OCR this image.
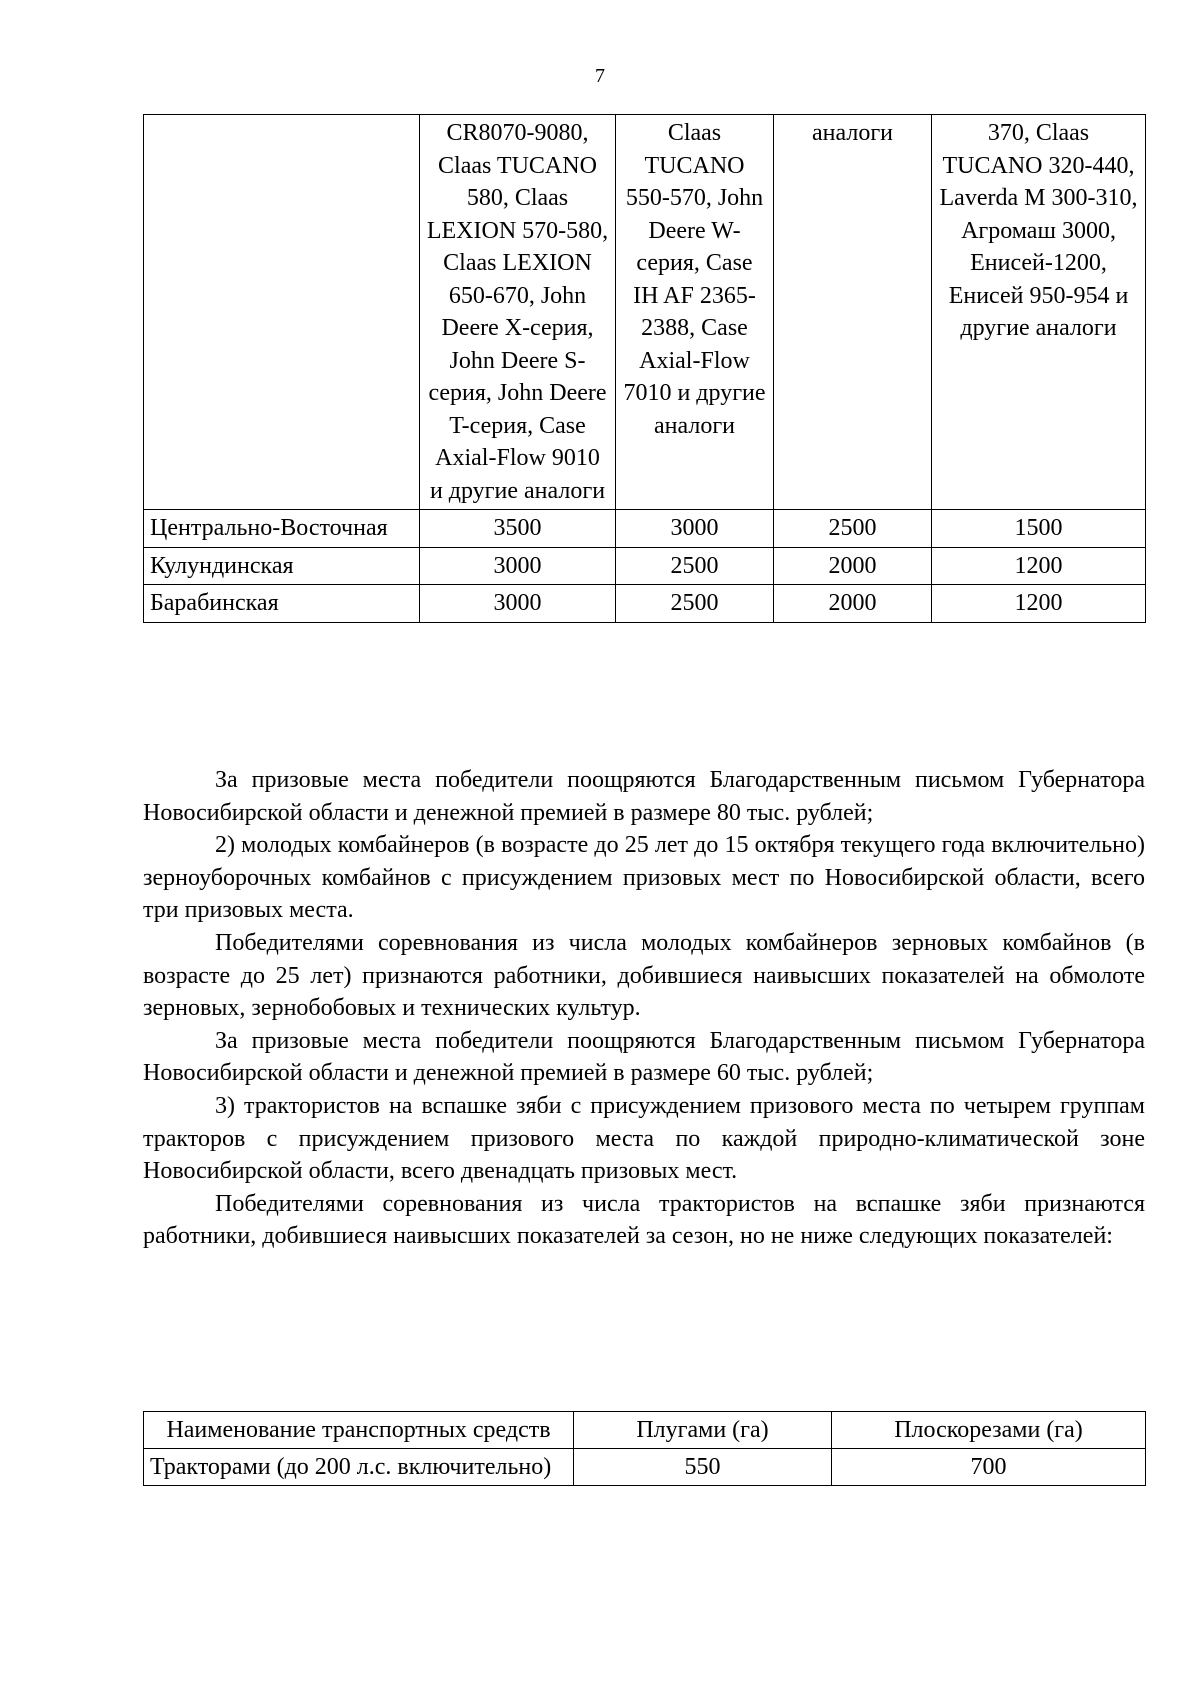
7
	CR8070-9080, Claas TUCANO 580, Claas LEXION 570-580, Claas LEXION 650-670, John Deere X-серия, John Deere S-серия, John Deere T-серия, Case Axial-Flow 9010 и другие аналоги	Claas TUCANO 550-570, John Deere W-серия, Case IH AF 2365-2388, Case Axial-Flow 7010 и другие аналоги	аналоги	370, Claas TUCANO 320-440, Laverda M 300-310, Агромаш 3000, Енисей-1200, Енисей 950-954 и другие аналоги
Центрально-Восточная	3500	3000	2500	1500
Кулундинская	3000	2500	2000	1200
Барабинская	3000	2500	2000	1200

За призовые места победители поощряются Благодарственным письмом Губернатора Новосибирской области и денежной премией в размере 80 тыс. рублей;

2) молодых комбайнеров (в возрасте до 25 лет до 15 октября текущего года включительно) зерноуборочных комбайнов с присуждением призовых мест по Новосибирской области, всего три призовых места.

Победителями соревнования из числа молодых комбайнеров зерновых комбайнов (в возрасте до 25 лет) признаются работники, добившиеся наивысших показателей на обмолоте зерновых, зернобобовых и технических культур.

За призовые места победители поощряются Благодарственным письмом Губернатора Новосибирской области и денежной премией в размере 60 тыс. рублей;

3) трактористов на вспашке зяби с присуждением призового места по четырем группам тракторов с присуждением призового места по каждой природно-климатической зоне Новосибирской области, всего двенадцать призовых мест.

Победителями соревнования из числа трактористов на вспашке зяби признаются работники, добившиеся наивысших показателей за сезон, но не ниже следующих показателей:

Наименование транспортных средств	Плугами (га)	Плоскорезами (га)
Тракторами (до 200 л.с. включительно)	550	700
